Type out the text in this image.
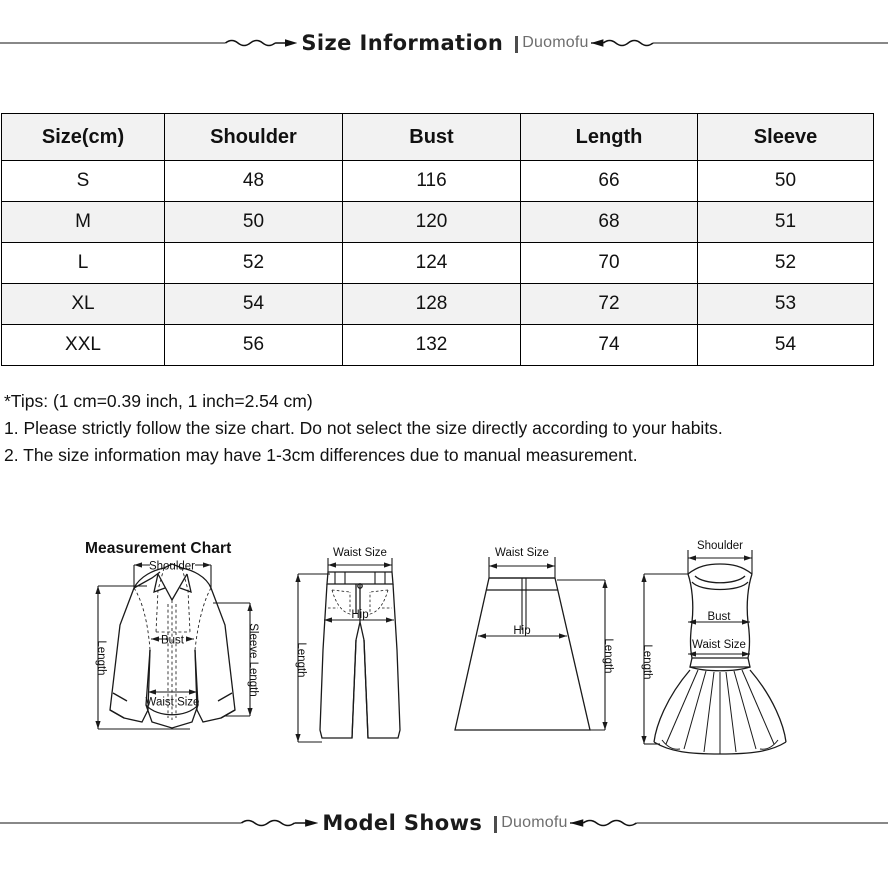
Size Information Duomofu
Size(cm)	Shoulder	Bust	Length	Sleeve
S	48	116	66	50
M	50	120	68	51
L	52	124	70	52
XL	54	128	72	53
XXL	56	132	74	54
*Tips: (1 cm=0.39 inch, 1 inch=2.54 cm)
1. Please strictly follow the size chart. Do not select the size directly according to your habits.
2. The size information may have 1-3cm differences due to manual measurement.
Measurement Chart
Shoulder
Bust
Waist Size
Length	Sleeve Length
Waist Size
Hip
Length
Waist Size
Hip
Length
Shoulder
Bust
Waist Size
Length
Model Shows Duomofu
